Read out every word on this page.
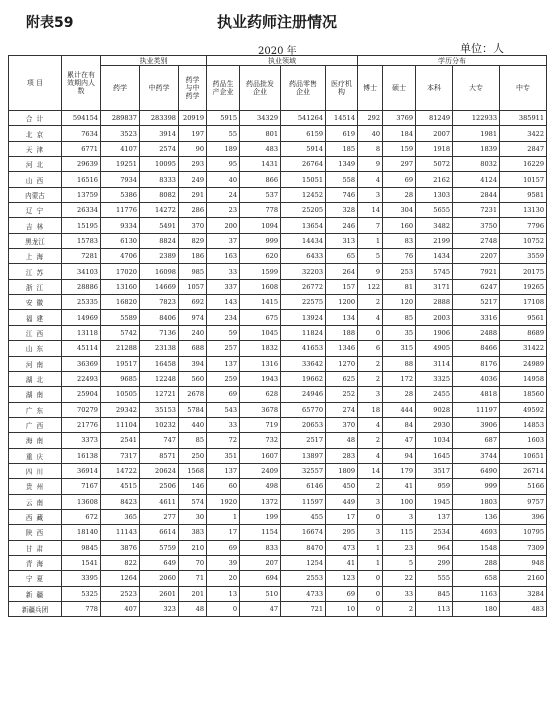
附表59	执业药师注册情况
2020 年	单位：人
项 目	累计在有效期内人数	执业类别			执业领域				学历分布				
		药学	中药学	药学与中药学	药品生产企业	药品批发企业	药品零售企业	医疗机构	博士	硕士	本科	大专	中专
合 计	594154	289837	283398	20919	5915	34329	541264	14514	292	3769	81249	122933	385911
北 京	7634	3523	3914	197	55	801	6159	619	40	184	2007	1981	3422
天 津	6771	4107	2574	90	189	483	5914	185	8	159	1918	1839	2847
河 北	29639	19251	10095	293	95	1431	26764	1349	9	297	5072	8032	16229
山 西	16516	7934	8333	249	40	866	15051	558	4	69	2162	4124	10157
内蒙古	13759	5386	8082	291	24	537	12452	746	3	28	1303	2844	9581
辽 宁	26334	11776	14272	286	23	778	25205	328	14	304	5655	7231	13130
吉 林	15195	9334	5491	370	200	1094	13654	246	7	160	3482	3750	7796
黑龙江	15783	6130	8824	829	37	999	14434	313	1	83	2199	2748	10752
上 海	7281	4706	2389	186	163	620	6433	65	5	76	1434	2207	3559
江 苏	34103	17020	16098	985	33	1599	32203	264	9	253	5745	7921	20175
浙 江	28886	13160	14669	1057	337	1608	26772	157	122	81	3171	6247	19265
安 徽	25335	16820	7823	692	143	1415	22575	1200	2	120	2888	5217	17108
福 建	14969	5589	8406	974	234	675	13924	134	4	85	2003	3316	9561
江 西	13118	5742	7136	240	59	1045	11824	188	0	35	1906	2488	8689
山 东	45114	21288	23138	688	257	1832	41653	1346	6	315	4905	8466	31422
河 南	36369	19517	16458	394	137	1316	33642	1270	2	88	3114	8176	24989
湖 北	22493	9685	12248	560	259	1943	19662	625	2	172	3325	4036	14958
湖 南	25904	10505	12721	2678	69	628	24946	252	3	28	2455	4818	18560
广 东	70279	29342	35153	5784	543	3678	65770	274	18	444	9028	11197	49592
广 西	21776	11104	10232	440	33	719	20653	370	4	84	2930	3906	14853
海 南	3373	2541	747	85	72	732	2517	48	2	47	1034	687	1603
重 庆	16138	7317	8571	250	351	1607	13897	283	4	94	1645	3744	10651
四 川	36914	14722	20624	1568	137	2409	32557	1809	14	179	3517	6490	26714
贵 州	7167	4515	2506	146	60	498	6146	450	2	41	959	999	5166
云 南	13608	8423	4611	574	1920	1372	11597	449	3	100	1945	1803	9757
西 藏	672	365	277	30	1	199	455	17	0	3	137	136	396
陕 西	18140	11143	6614	383	17	1154	16674	295	3	115	2534	4693	10795
甘 肃	9845	3876	5759	210	69	833	8470	473	1	23	964	1548	7309
青 海	1541	822	649	70	39	207	1254	41	1	5	299	288	948
宁 夏	3395	1264	2060	71	20	694	2553	123	0	22	555	658	2160
新 疆	5325	2523	2601	201	13	510	4733	69	0	33	845	1163	3284
新疆兵团	778	407	323	48	0	47	721	10	0	2	113	180	483
